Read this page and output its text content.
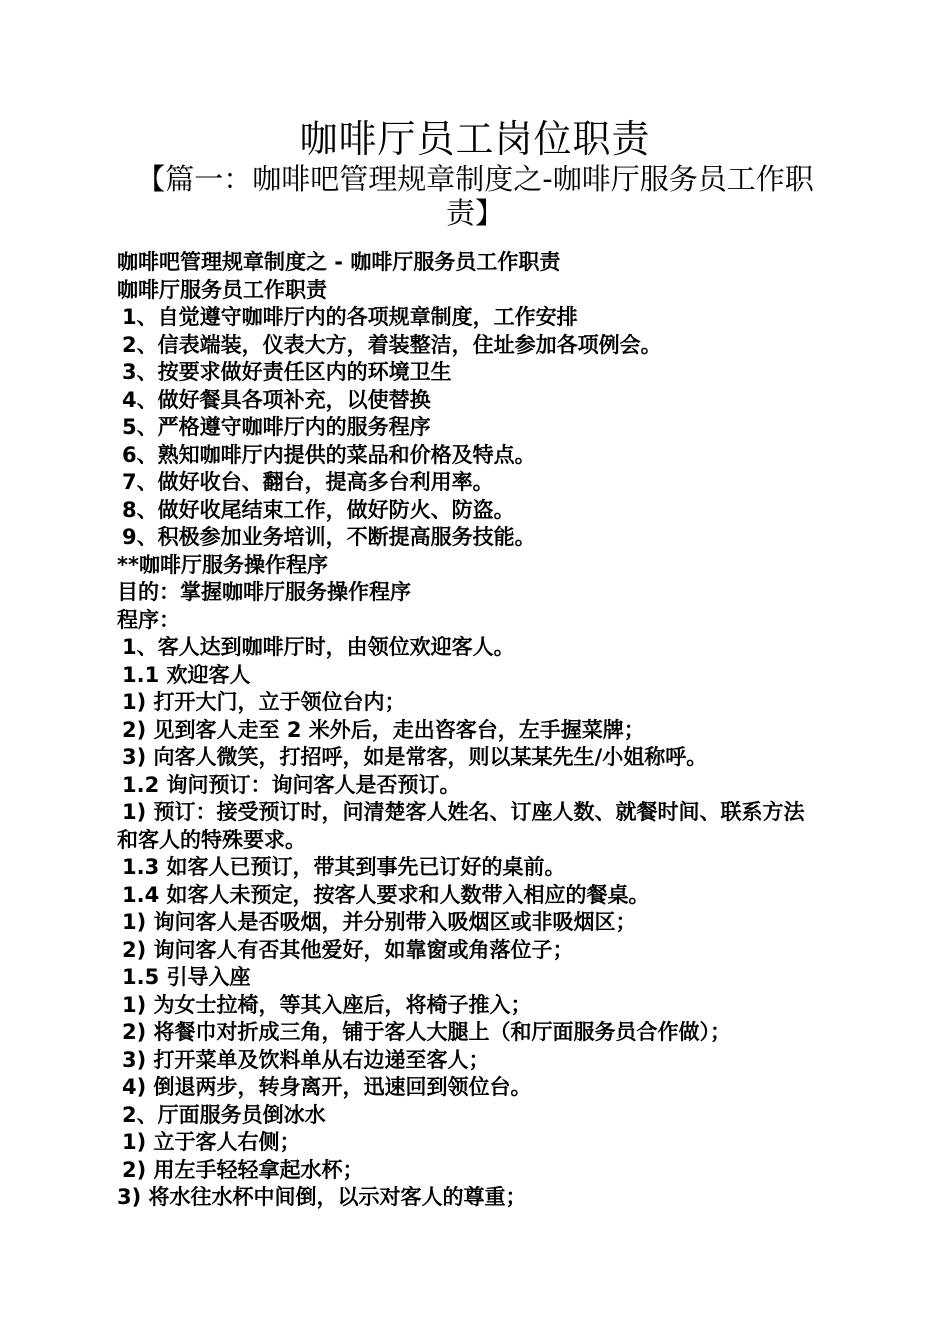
咖啡厅员工岗位职责
【篇一：咖啡吧管理规章制度之-咖啡厅服务员工作职责】
咖啡吧管理规章制度之 - 咖啡厅服务员工作职责
咖啡厅服务员工作职责
1、自觉遵守咖啡厅内的各项规章制度，工作安排
2、信表端装，仪表大方，着装整洁，住址参加各项例会。
3、按要求做好责任区内的环境卫生
4、做好餐具各项补充，以使替换
5、严格遵守咖啡厅内的服务程序
6、熟知咖啡厅内提供的菜品和价格及特点。
7、做好收台、翻台，提高多台利用率。
8、做好收尾结束工作，做好防火、防盗。
9、积极参加业务培训，不断提高服务技能。
**咖啡厅服务操作程序
目的：掌握咖啡厅服务操作程序
程序：
1、客人达到咖啡厅时，由领位欢迎客人。
1.1 欢迎客人
1) 打开大门，立于领位台内；
2) 见到客人走至 2 米外后，走出咨客台，左手握菜牌；
3) 向客人微笑，打招呼，如是常客，则以某某先生/小姐称呼。
1.2 询问预订：询问客人是否预订。
1) 预订：接受预订时，问清楚客人姓名、订座人数、就餐时间、联系方法和客人的特殊要求。
1.3 如客人已预订，带其到事先已订好的桌前。
1.4 如客人未预定，按客人要求和人数带入相应的餐桌。
1) 询问客人是否吸烟，并分别带入吸烟区或非吸烟区；
2) 询问客人有否其他爱好，如靠窗或角落位子；
1.5 引导入座
1) 为女士拉椅，等其入座后，将椅子推入；
2) 将餐巾对折成三角，铺于客人大腿上（和厅面服务员合作做）；
3) 打开菜单及饮料单从右边递至客人；
4) 倒退两步，转身离开，迅速回到领位台。
2、厅面服务员倒冰水
1) 立于客人右侧；
2) 用左手轻轻拿起水杯；
3) 将水往水杯中间倒，以示对客人的尊重；
